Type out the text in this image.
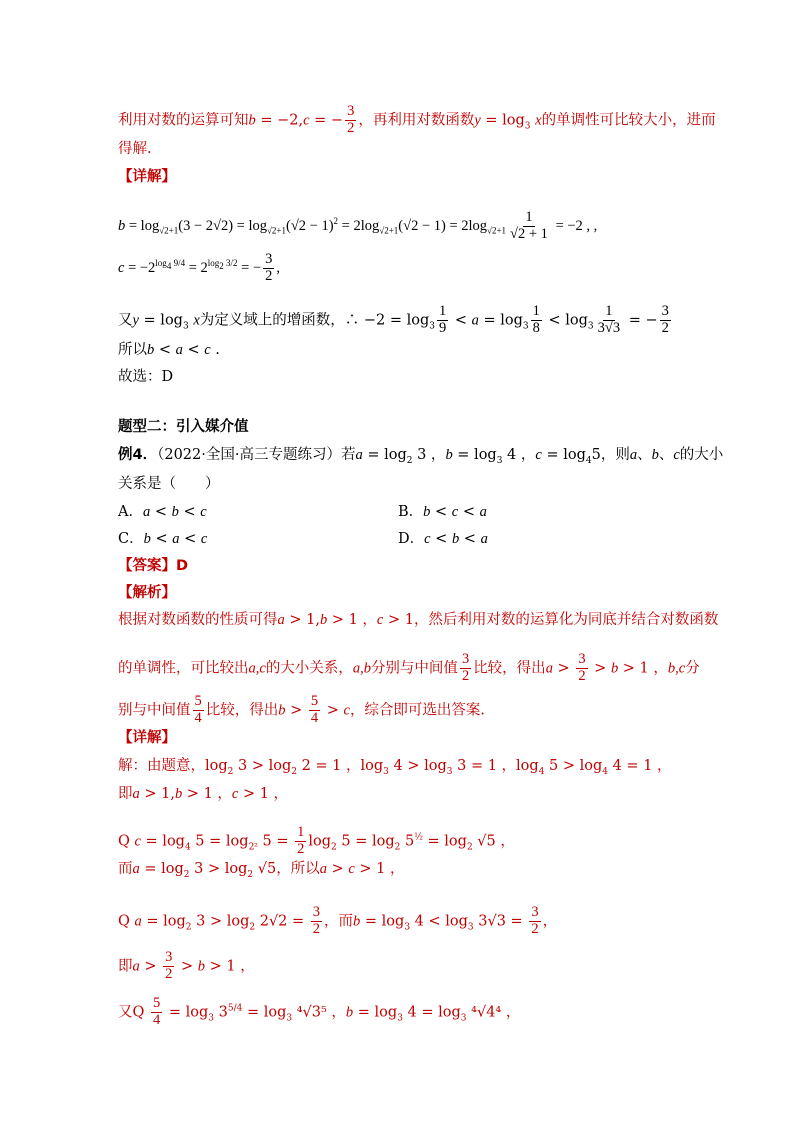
利用对数的运算可知b = −2,c = − $\frac{3}{2}$ ，再利用对数函数$y = \log_3 x$的单调性可比较大小，进而
得解.
【详解】
$b = \log_{√2+1}(3 - 2√2) = \log_{√2+1}(√2 - 1)^2 = 2\log_{√2+1}(√2 - 1) = 2\log_{√2+1} \frac{1}{√2 + 1} = -2$ , ,
$c = -2^{log_4 9/4} = 2^{log_2 3/2}$ = − $\frac{3}{2}$ ,
又$y = \log_3 x$为定义域上的增函数，∴ $-2 = \log_3 \frac{1}{9} < a = \log_3 \frac{1}{8} < \log_3 \frac{1}{3√3}$ = − $\frac{3}{2}$
所以b < a < c .
故选：D
题型二：引入媒介值
例4．（2022·全国·高三专题练习）若$a = \log_2 3$ ，$b = \log_3 4$ ，$c = \log_45$，则a、b、c的大小
关系是（　　）
A．a < b < c	B．b < c < a
C．b < a < c	D．c < b < a
【答案】D
【解析】
根据对数函数的性质可得a > 1,b > 1 ，c > 1，然后利用对数的运算化为同底并结合对数函数
的单调性，可比较出a,c的大小关系，a,b分别与中间值 $\frac{3}{2}$ 比较，得出$a > \frac{3}{2} > b > 1$ ，b,c分
别与中间值 $\frac{5}{4}$ 比较，得出$b > \frac{5}{4} > c$，综合即可选出答案.
【详解】
解：由题意，$\log_2 3 > \log_2 2 = 1$ ，$\log_3 4 > \log_3 3 = 1$ ，$\log_4 5 > \log_4 4 = 1$ ，
即a > 1,b > 1 ，c > 1 ，
Q $c = \log_4 5 = \log_{2^2} 5 = \frac{1}{2} \log_2 5 = \log_2 5^{\frac{1}{2}} = \log_2 √5$ ，
而$a = \log_2 3 > \log_2 √5$，所以a > c > 1 ，
Q $a = \log_2 3 > \log_2 2√2 = \frac{3}{2}$ ，而$b = \log_3 4 < \log_3 3√3 = \frac{3}{2}$ ，
即$a > \frac{3}{2} > b > 1$ ，
又Q $\frac{5}{4} = \log_3 3^{5/4} = \log_3 ^4√3^5$ ，$b = \log_3 4 = \log_3 ^4√4^4$ ，
